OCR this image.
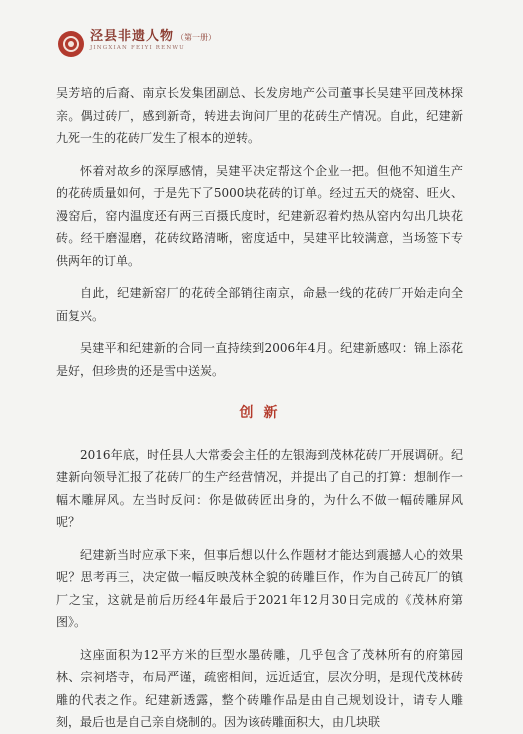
泾县非遗人物 （第一册）
JINGXIAN FEIYI RENWU

吴芳培的后裔、南京长发集团副总、长发房地产公司董事长吴建平回茂林探亲。偶过砖厂，感到新奇，转进去询问厂里的花砖生产情况。自此，纪建新九死一生的花砖厂发生了根本的逆转。

怀着对故乡的深厚感情，吴建平决定帮这个企业一把。但他不知道生产的花砖质量如何，于是先下了5000块花砖的订单。经过五天的烧窑、旺火、漫窑后，窑内温度还有两三百摄氏度时，纪建新忍着灼热从窑内勾出几块花砖。经干磨湿磨，花砖纹路清晰，密度适中，吴建平比较满意，当场签下专供两年的订单。

自此，纪建新窑厂的花砖全部销往南京，命悬一线的花砖厂开始走向全面复兴。

吴建平和纪建新的合同一直持续到2006年4月。纪建新感叹：锦上添花是好，但珍贵的还是雪中送炭。

创新

2016年底，时任县人大常委会主任的左银海到茂林花砖厂开展调研。纪建新向领导汇报了花砖厂的生产经营情况，并提出了自己的打算：想制作一幅木雕屏风。左当时反问：你是做砖匠出身的，为什么不做一幅砖雕屏风呢？

纪建新当时应承下来，但事后想以什么作题材才能达到震撼人心的效果呢？思考再三，决定做一幅反映茂林全貌的砖雕巨作，作为自己砖瓦厂的镇厂之宝，这就是前后历经4年最后于2021年12月30日完成的《茂林府第图》。

这座面积为12平方米的巨型水墨砖雕，几乎包含了茂林所有的府第园林、宗祠塔寺，布局严谨，疏密相间，远近适宜，层次分明，是现代茂林砖雕的代表之作。纪建新透露，整个砖雕作品是由自己规划设计，请专人雕刻，最后也是自己亲自烧制的。因为该砖雕面积大，由几块联
